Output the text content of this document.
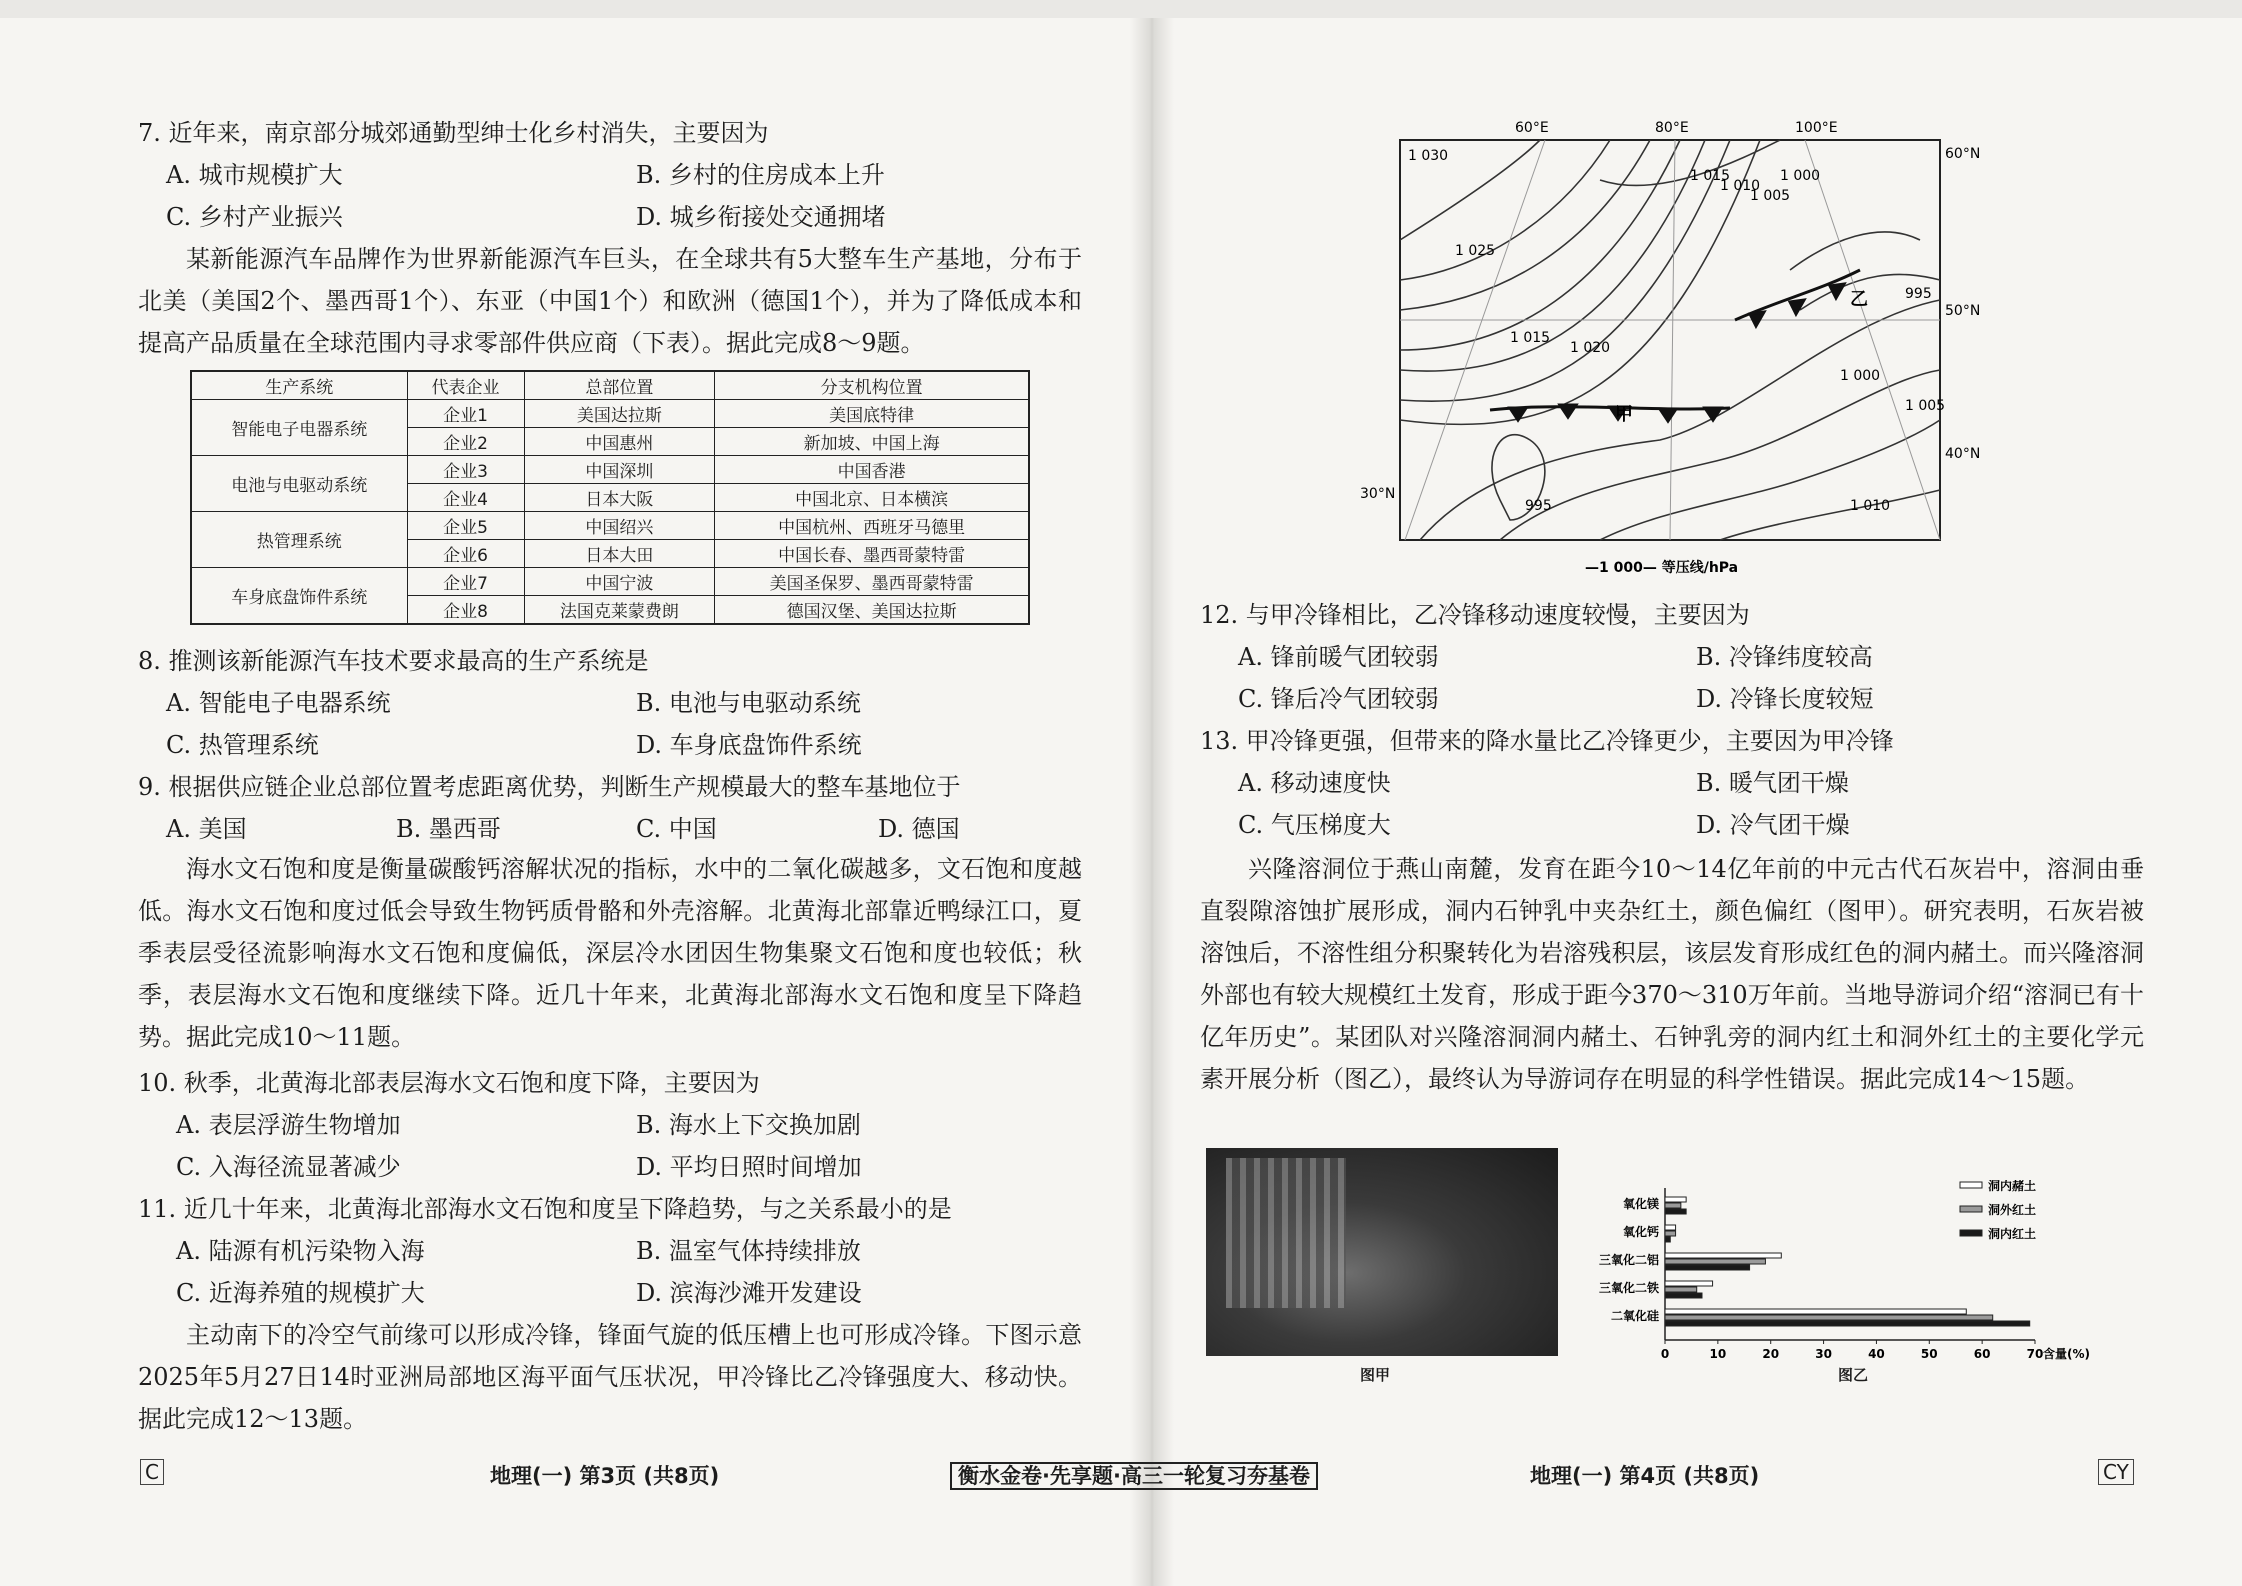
7. 近年来，南京部分城郊通勤型绅士化乡村消失，主要因为
A. 城市规模扩大	B. 乡村的住房成本上升
C. 乡村产业振兴	D. 城乡衔接处交通拥堵
某新能源汽车品牌作为世界新能源汽车巨头，在全球共有5大整车生产基地，分布于北美（美国2个、墨西哥1个）、东亚（中国1个）和欧洲（德国1个），并为了降低成本和提高产品质量在全球范围内寻求零部件供应商（下表）。据此完成8～9题。
生产系统	代表企业	总部位置	分支机构位置
智能电子电器系统	企业1	美国达拉斯	美国底特律
	企业2	中国惠州	新加坡、中国上海
电池与电驱动系统	企业3	中国深圳	中国香港
	企业4	日本大阪	中国北京、日本横滨
热管理系统	企业5	中国绍兴	中国杭州、西班牙马德里
	企业6	日本大田	中国长春、墨西哥蒙特雷
车身底盘饰件系统	企业7	中国宁波	美国圣保罗、墨西哥蒙特雷
	企业8	法国克莱蒙费朗	德国汉堡、美国达拉斯
8. 推测该新能源汽车技术要求最高的生产系统是
A. 智能电子电器系统	B. 电池与电驱动系统
C. 热管理系统	D. 车身底盘饰件系统
9. 根据供应链企业总部位置考虑距离优势，判断生产规模最大的整车基地位于
A. 美国	B. 墨西哥	C. 中国	D. 德国
海水文石饱和度是衡量碳酸钙溶解状况的指标，水中的二氧化碳越多，文石饱和度越低。海水文石饱和度过低会导致生物钙质骨骼和外壳溶解。北黄海北部靠近鸭绿江口，夏季表层受径流影响海水文石饱和度偏低，深层冷水团因生物集聚文石饱和度也较低；秋季，表层海水文石饱和度继续下降。近几十年来，北黄海北部海水文石饱和度呈下降趋势。据此完成10～11题。
10. 秋季，北黄海北部表层海水文石饱和度下降，主要因为
A. 表层浮游生物增加	B. 海水上下交换加剧
C. 入海径流显著减少	D. 平均日照时间增加
11. 近几十年来，北黄海北部海水文石饱和度呈下降趋势，与之关系最小的是
A. 陆源有机污染物入海	B. 温室气体持续排放
C. 近海养殖的规模扩大	D. 滨海沙滩开发建设
主动南下的冷空气前缘可以形成冷锋，锋面气旋的低压槽上也可形成冷锋。下图示意2025年5月27日14时亚洲局部地区海平面气压状况，甲冷锋比乙冷锋强度大、移动快。据此完成12～13题。
C	地理(一) 第3页 (共8页)	衡水金卷·先享题·高三一轮复习夯基卷
60°E	80°E	100°E
60°N
50°N
40°N
30°N
1 030
1 025
1 020
1 015
1 015
1 010
1 005
1 000
1 000
1 005
995
995	1 010
甲
乙
—1 000— 等压线/hPa
12. 与甲冷锋相比，乙冷锋移动速度较慢，主要因为
A. 锋前暖气团较弱	B. 冷锋纬度较高
C. 锋后冷气团较弱	D. 冷锋长度较短
13. 甲冷锋更强，但带来的降水量比乙冷锋更少，主要因为甲冷锋
A. 移动速度快	B. 暖气团干燥
C. 气压梯度大	D. 冷气团干燥
兴隆溶洞位于燕山南麓，发育在距今10～14亿年前的中元古代石灰岩中，溶洞由垂直裂隙溶蚀扩展形成，洞内石钟乳中夹杂红土，颜色偏红（图甲）。研究表明，石灰岩被溶蚀后，不溶性组分积聚转化为岩溶残积层，该层发育形成红色的洞内赭土。而兴隆溶洞外部也有较大规模红土发育，形成于距今370～310万年前。当地导游词介绍“溶洞已有十亿年历史”。某团队对兴隆溶洞洞内赭土、石钟乳旁的洞内红土和洞外红土的主要化学元素开展分析（图乙），最终认为导游词存在明显的科学性错误。据此完成14～15题。
图甲
0	10	20	30	40	50	60	70 含量(%)
氧化镁
氧化钙
三氧化二铝
三氧化二铁
二氧化硅
洞内赭土
洞外红土
洞内红土
图乙
地理(一) 第4页 (共8页)	CY
